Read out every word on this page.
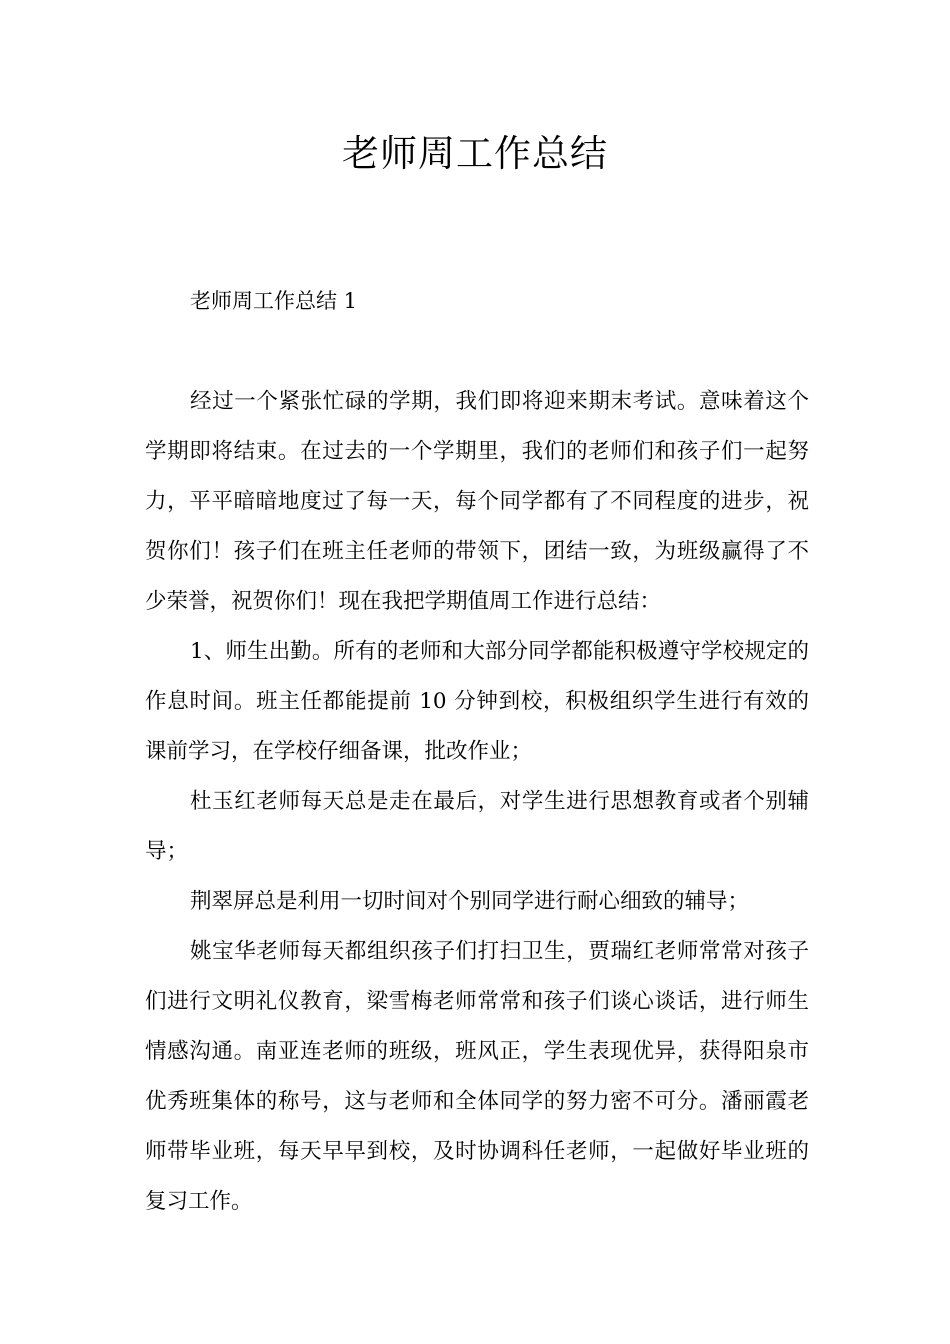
老师周工作总结

老师周工作总结 1

经过一个紧张忙碌的学期，我们即将迎来期末考试。意味着这个学期即将结束。在过去的一个学期里，我们的老师们和孩子们一起努力，平平暗暗地度过了每一天，每个同学都有了不同程度的进步，祝贺你们！孩子们在班主任老师的带领下，团结一致，为班级赢得了不少荣誉，祝贺你们！现在我把学期值周工作进行总结：

1、师生出勤。所有的老师和大部分同学都能积极遵守学校规定的作息时间。班主任都能提前 10 分钟到校，积极组织学生进行有效的课前学习，在学校仔细备课，批改作业；

杜玉红老师每天总是走在最后，对学生进行思想教育或者个别辅导；

荆翠屏总是利用一切时间对个别同学进行耐心细致的辅导；

姚宝华老师每天都组织孩子们打扫卫生，贾瑞红老师常常对孩子们进行文明礼仪教育，梁雪梅老师常常和孩子们谈心谈话，进行师生情感沟通。南亚连老师的班级，班风正，学生表现优异，获得阳泉市优秀班集体的称号，这与老师和全体同学的努力密不可分。潘丽霞老师带毕业班，每天早早到校，及时协调科任老师，一起做好毕业班的复习工作。
